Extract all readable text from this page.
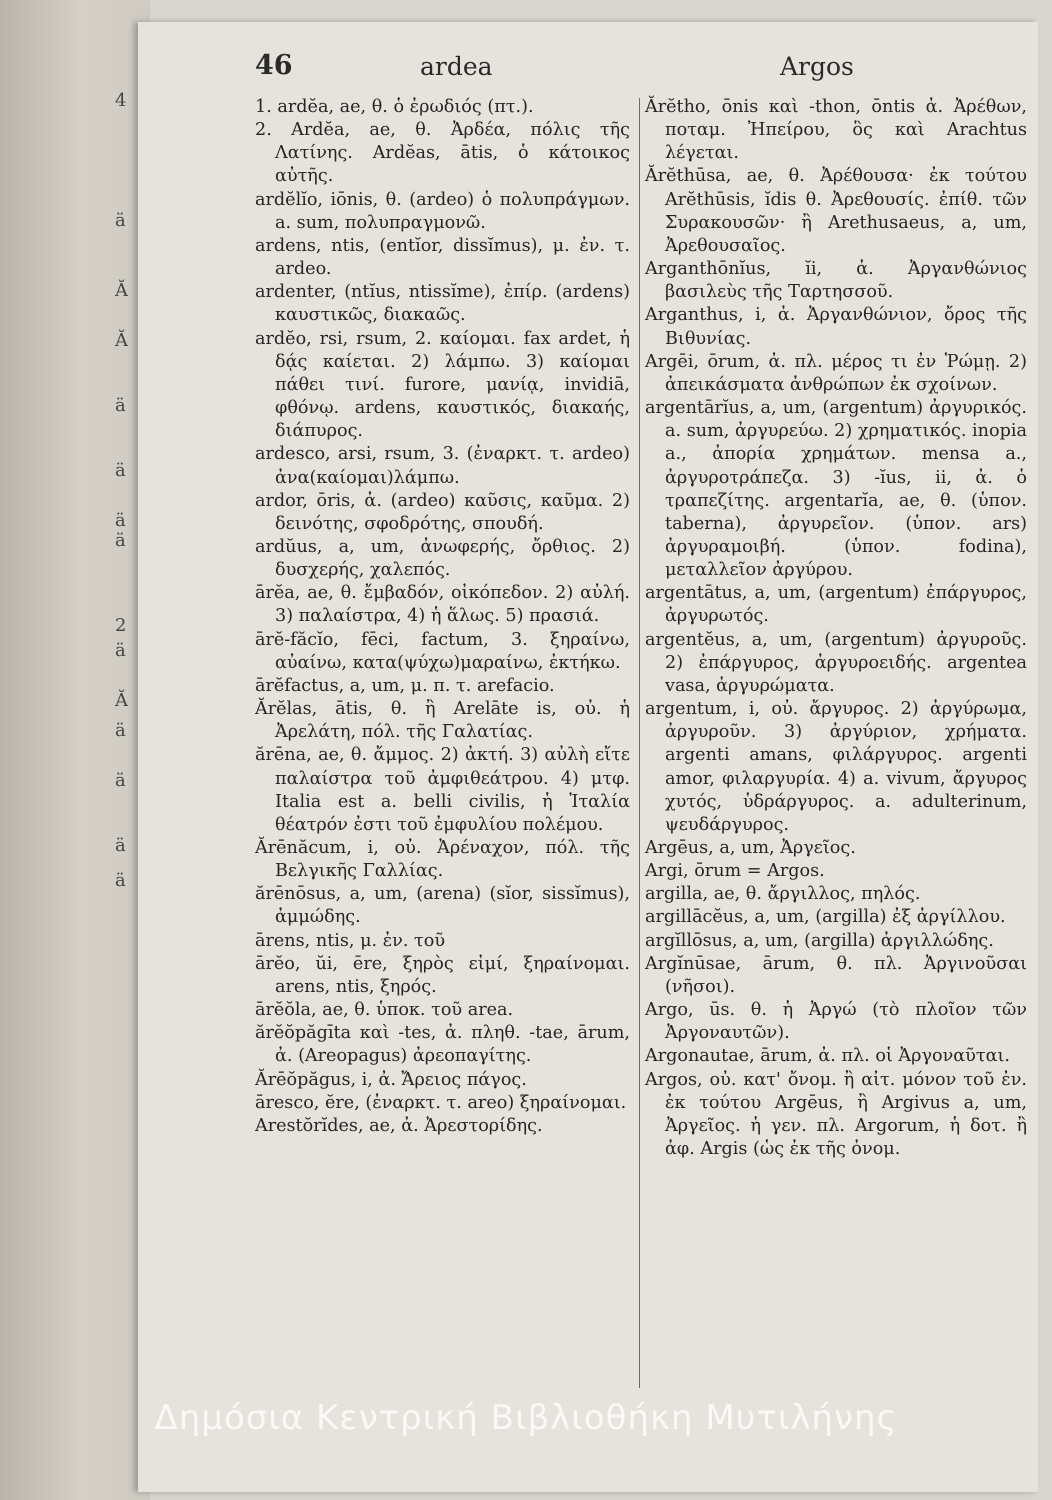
4
ä
Ă
Ă
ä
ä
ä
ä
2
ä
Ă
ä
ä
ä
ä
46	ardea	Argos
1. ardĕa, ae, θ. ὁ ἐρωδιός (πτ.).
2. Ardĕa, ae, θ. Ἀρδέα, πόλις τῆς Λατίνης. Ardĕas, ātis, ὁ κάτοικος αὐτῆς.
ardĕlĭo, iōnis, θ. (ardeo) ὁ πολυπράγμων. a. sum, πολυπραγμονῶ.
ardens, ntis, (entĭor, dissĭmus), μ. ἐν. τ. ardeo.
ardenter, (ntĭus, ntissĭme), ἐπίρ. (ardens) καυστικῶς, διακαῶς.
ardĕo, rsi, rsum, 2. καίομαι. fax ardet, ἡ δᾴς καίεται. 2) λάμπω. 3) καίομαι πάθει τινί. furore, μανίᾳ, invidiā, φθόνῳ. ardens, καυστικός, διακαής, διάπυρος.
ardesco, arsi, rsum, 3. (ἐναρκτ. τ. ardeo) ἀνα(καίομαι)λάμπω.
ardor, ōris, ἀ. (ardeo) καῦσις, καῦμα. 2) δεινότης, σφοδρότης, σπουδή.
ardŭus, a, um, ἀνωφερής, ὄρθιος. 2) δυσχερής, χαλεπός.
ārĕa, ae, θ. ἔμβαδόν, οἰκόπεδον. 2) αὐλή. 3) παλαίστρα, 4) ἡ ἅλως. 5) πρασιά.
ārĕ-făcĭo, fēci, factum, 3. ξηραίνω, αὐαίνω, κατα(ψύχω)μαραίνω, ἐκτήκω.
ārĕfactus, a, um, μ. π. τ. arefacio.
Ărĕlas, ātis, θ. ἢ Arelāte is, οὐ. ἡ Ἀρελάτη, πόλ. τῆς Γαλατίας.
ărēna, ae, θ. ἄμμος. 2) ἀκτή. 3) αὐλὴ εἴτε παλαίστρα τοῦ ἀμφιθεάτρου. 4) μτφ. Italia est a. belli civilis, ἡ Ἰταλία θέατρόν ἐστι τοῦ ἐμφυλίου πολέμου.
Ărēnăcum, i, οὐ. Ἀρέναχον, πόλ. τῆς Βελγικῆς Γαλλίας.
ărēnōsus, a, um, (arena) (sĭor, sissĭmus), ἀμμώδης.
ārens, ntis, μ. ἐν. τοῦ
ārĕo, ŭi, ēre, ξηρὸς εἰμί, ξηραίνομαι. arens, ntis, ξηρός.
ārĕŏla, ae, θ. ὑποκ. τοῦ area.
ărĕŏpăgīta καὶ -tes, ἀ. πληθ. -tae, ārum, ἀ. (Areopagus) ἀρεοπαγίτης.
Ărēŏpăgus, i, ἀ. Ἄρειος πάγος.
āresco, ĕre, (ἐναρκτ. τ. areo) ξηραίνομαι.
Arestŏrĭdes, ae, ἀ. Ἀρεστορίδης.
Ărĕtho, ōnis καὶ -thon, ōntis ἀ. Ἀρέθων, ποταμ. Ἠπείρου, ὃς καὶ Arachtus λέγεται.
Ărĕthūsa, ae, θ. Ἀρέθουσα· ἐκ τούτου Arĕthūsis, ĭdis θ. Ἀρεθουσίς. ἐπίθ. τῶν Συρακουσῶν· ἢ Arethusaeus, a, um, Ἀρεθουσαῖος.
Arganthōnĭus, ĭi, ἀ. Ἀργανθώνιος βασιλεὺς τῆς Ταρτησσοῦ.
Arganthus, i, ἀ. Ἀργανθώνιον, ὄρος τῆς Βιθυνίας.
Argēi, ōrum, ἀ. πλ. μέρος τι ἐν Ῥώμῃ. 2) ἀπεικάσματα ἀνθρώπων ἐκ σχοίνων.
argentārĭus, a, um, (argentum) ἀργυρικός. a. sum, ἀργυρεύω. 2) χρηματικός. inopia a., ἀπορία χρημάτων. mensa a., ἀργυροτράπεζα. 3) -ĭus, ii, ἀ. ὁ τραπεζίτης. argentarĭa, ae, θ. (ὑπον. taberna), ἀργυρεῖον. (ὑπον. ars) ἀργυραμοιβή. (ὑπον. fodina), μεταλλεῖον ἀργύρου.
argentātus, a, um, (argentum) ἐπάργυρος, ἀργυρωτός.
argentĕus, a, um, (argentum) ἀργυροῦς. 2) ἐπάργυρος, ἀργυροειδής. argentea vasa, ἀργυρώματα.
argentum, i, οὐ. ἄργυρος. 2) ἀργύρωμα, ἀργυροῦν. 3) ἀργύριον, χρήματα. argenti amans, φιλάργυρος. argenti amor, φιλαργυρία. 4) a. vivum, ἄργυρος χυτός, ὑδράργυρος. a. adulterinum, ψευδάργυρος.
Argēus, a, um, Ἀργεῖος.
Argi, ōrum = Argos.
argilla, ae, θ. ἄργιλλος, πηλός.
argillācĕus, a, um, (argilla) ἐξ ἀργίλλου.
argĭllōsus, a, um, (argilla) ἀργιλλώδης.
Argĭnūsae, ārum, θ. πλ. Ἀργινοῦσαι (νῆσοι).
Argo, ūs. θ. ἡ Ἀργώ (τὸ πλοῖον τῶν Ἀργοναυτῶν).
Argonautae, ārum, ἀ. πλ. οἱ Ἀργοναῦται.
Argos, οὐ. κατ' ὄνομ. ἢ αἰτ. μόνον τοῦ ἐν. ἐκ τούτου Argēus, ἢ Argivus a, um, Ἀργεῖος. ἡ γεν. πλ. Argorum, ἡ δοτ. ἢ ἀφ. Argis (ὡς ἐκ τῆς ὀνομ.
Δημόσια Κεντρική Βιβλιοθήκη Μυτιλήνης
